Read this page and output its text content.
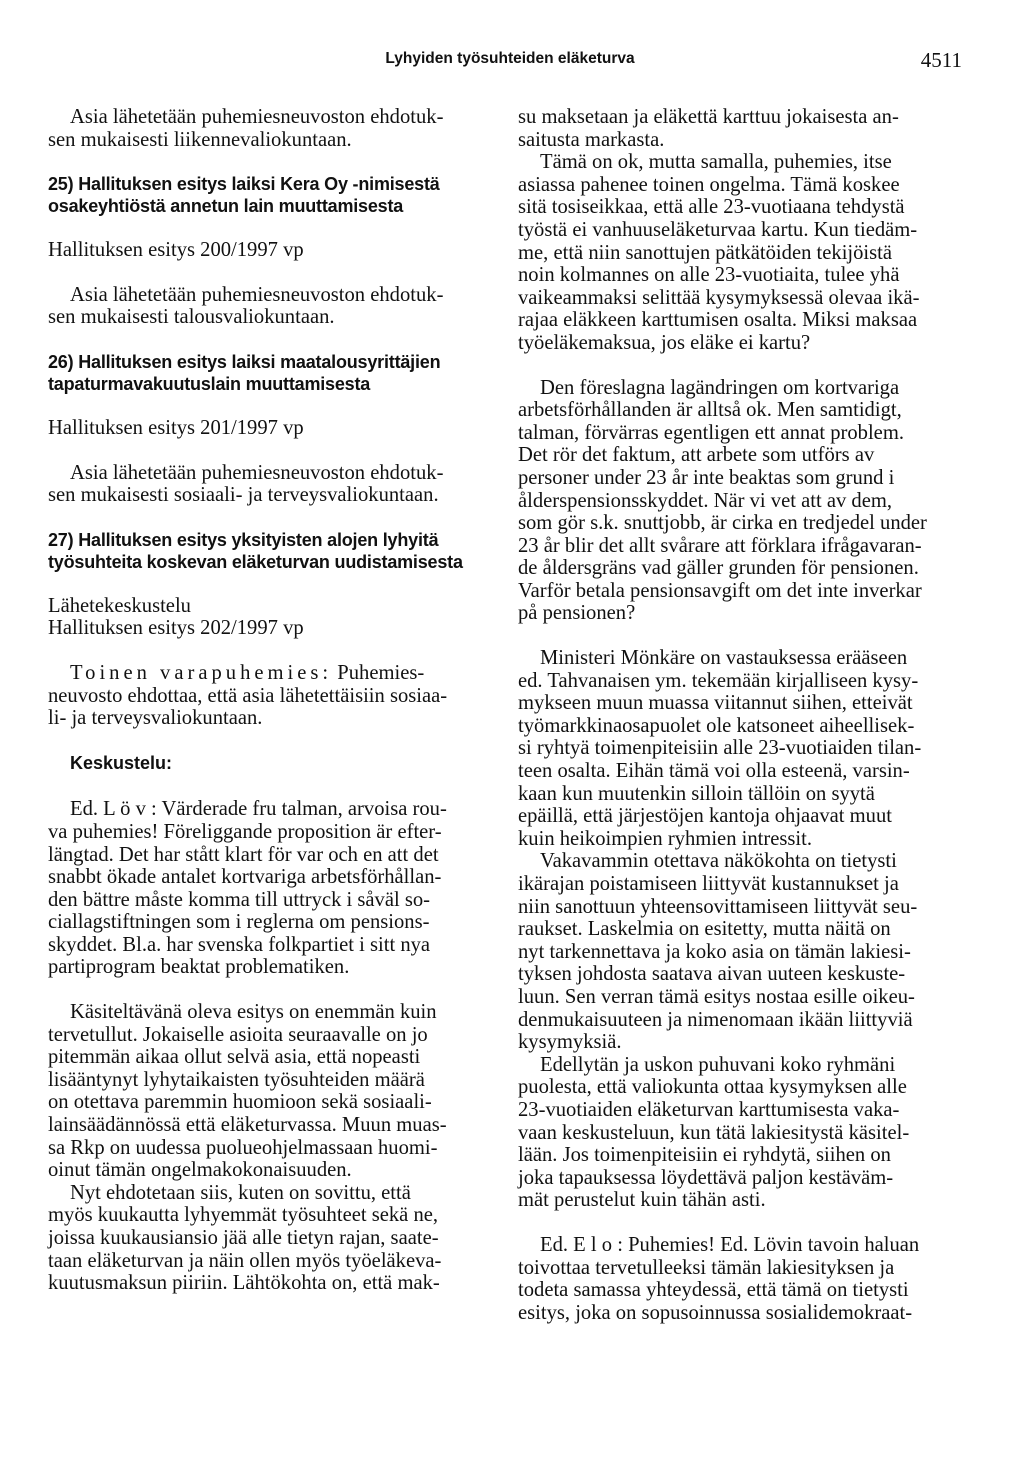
Lyhyiden työsuhteiden eläketurva	4511

Asia lähetetään puhemiesneuvoston ehdotuk-
sen mukaisesti liikennevaliokuntaan.

25) Hallituksen esitys laiksi Kera Oy -nimisestä
osakeyhtiöstä annetun lain muuttamisesta

Hallituksen esitys 200/1997 vp

Asia lähetetään puhemiesneuvoston ehdotuk-
sen mukaisesti talousvaliokuntaan.

26) Hallituksen esitys laiksi maatalousyrittäjien
tapaturmavakuutuslain muuttamisesta

Hallituksen esitys 201/1997 vp

Asia lähetetään puhemiesneuvoston ehdotuk-
sen mukaisesti sosiaali- ja terveysvaliokuntaan.

27) Hallituksen esitys yksityisten alojen lyhyitä
työsuhteita koskevan eläketurvan uudistamisesta

Lähetekeskustelu

Hallituksen esitys 202/1997 vp

Toinen varapuhemies: Puhemies-
neuvosto ehdottaa, että asia lähetettäisiin sosiaa-
li- ja terveysvaliokuntaan.

Keskustelu:

Ed. L ö v : Värderade fru talman, arvoisa rou-
va puhemies! Föreliggande proposition är efter-
längtad. Det har stått klart för var och en att det
snabbt ökade antalet kortvariga arbetsförhållan-
den bättre måste komma till uttryck i såväl so-
ciallagstiftningen som i reglerna om pensions-
skyddet. Bl.a. har svenska folkpartiet i sitt nya
partiprogram beaktat problematiken.

Käsiteltävänä oleva esitys on enemmän kuin
tervetullut. Jokaiselle asioita seuraavalle on jo
pitemmän aikaa ollut selvä asia, että nopeasti
lisääntynyt lyhytaikaisten työsuhteiden määrä
on otettava paremmin huomioon sekä sosiaali-
lainsäädännössä että eläketurvassa. Muun muas-
sa Rkp on uudessa puolueohjelmassaan huomi-
oinut tämän ongelmakokonaisuuden.

Nyt ehdotetaan siis, kuten on sovittu, että
myös kuukautta lyhyemmät työsuhteet sekä ne,
joissa kuukausiansio jää alle tietyn rajan, saate-
taan eläketurvan ja näin ollen myös työeläkeva-
kuutusmaksun piiriin. Lähtökohta on, että mak-

su maksetaan ja eläkettä karttuu jokaisesta an-
saitusta markasta.

Tämä on ok, mutta samalla, puhemies, itse
asiassa pahenee toinen ongelma. Tämä koskee
sitä tosiseikkaa, että alle 23-vuotiaana tehdystä
työstä ei vanhuuseläketurvaa kartu. Kun tiedäm-
me, että niin sanottujen pätkätöiden tekijöistä
noin kolmannes on alle 23-vuotiaita, tulee yhä
vaikeammaksi selittää kysymyksessä olevaa ikä-
rajaa eläkkeen karttumisen osalta. Miksi maksaa
työeläkemaksua, jos eläke ei kartu?

Den föreslagna lagändringen om kortvariga
arbetsförhållanden är alltså ok. Men samtidigt,
talman, förvärras egentligen ett annat problem.
Det rör det faktum, att arbete som utförs av
personer under 23 år inte beaktas som grund i
ålderspensionsskyddet. När vi vet att av dem,
som gör s.k. snuttjobb, är cirka en tredjedel under
23 år blir det allt svårare att förklara ifrågavaran-
de åldersgräns vad gäller grunden för pensionen.
Varför betala pensionsavgift om det inte inverkar
på pensionen?

Ministeri Mönkäre on vastauksessa erääseen
ed. Tahvanaisen ym. tekemään kirjalliseen kysy-
mykseen muun muassa viitannut siihen, etteivät
työmarkkinaosapuolet ole katsoneet aiheellisek-
si ryhtyä toimenpiteisiin alle 23-vuotiaiden tilan-
teen osalta. Eihän tämä voi olla esteenä, varsin-
kaan kun muutenkin silloin tällöin on syytä
epäillä, että järjestöjen kantoja ohjaavat muut
kuin heikoimpien ryhmien intressit.

Vakavammin otettava näkökohta on tietysti
ikärajan poistamiseen liittyvät kustannukset ja
niin sanottuun yhteensovittamiseen liittyvät seu-
raukset. Laskelmia on esitetty, mutta näitä on
nyt tarkennettava ja koko asia on tämän lakiesi-
tyksen johdosta saatava aivan uuteen keskuste-
luun. Sen verran tämä esitys nostaa esille oikeu-
denmukaisuuteen ja nimenomaan ikään liittyviä
kysymyksiä.

Edellytän ja uskon puhuvani koko ryhmäni
puolesta, että valiokunta ottaa kysymyksen alle
23-vuotiaiden eläketurvan karttumisesta vaka-
vaan keskusteluun, kun tätä lakiesitystä käsitel-
lään. Jos toimenpiteisiin ei ryhdytä, siihen on
joka tapauksessa löydettävä paljon kestäväm-
mät perustelut kuin tähän asti.

Ed. E l o : Puhemies! Ed. Lövin tavoin haluan
toivottaa tervetulleeksi tämän lakiesityksen ja
todeta samassa yhteydessä, että tämä on tietysti
esitys, joka on sopusoinnussa sosialidemokraat-
